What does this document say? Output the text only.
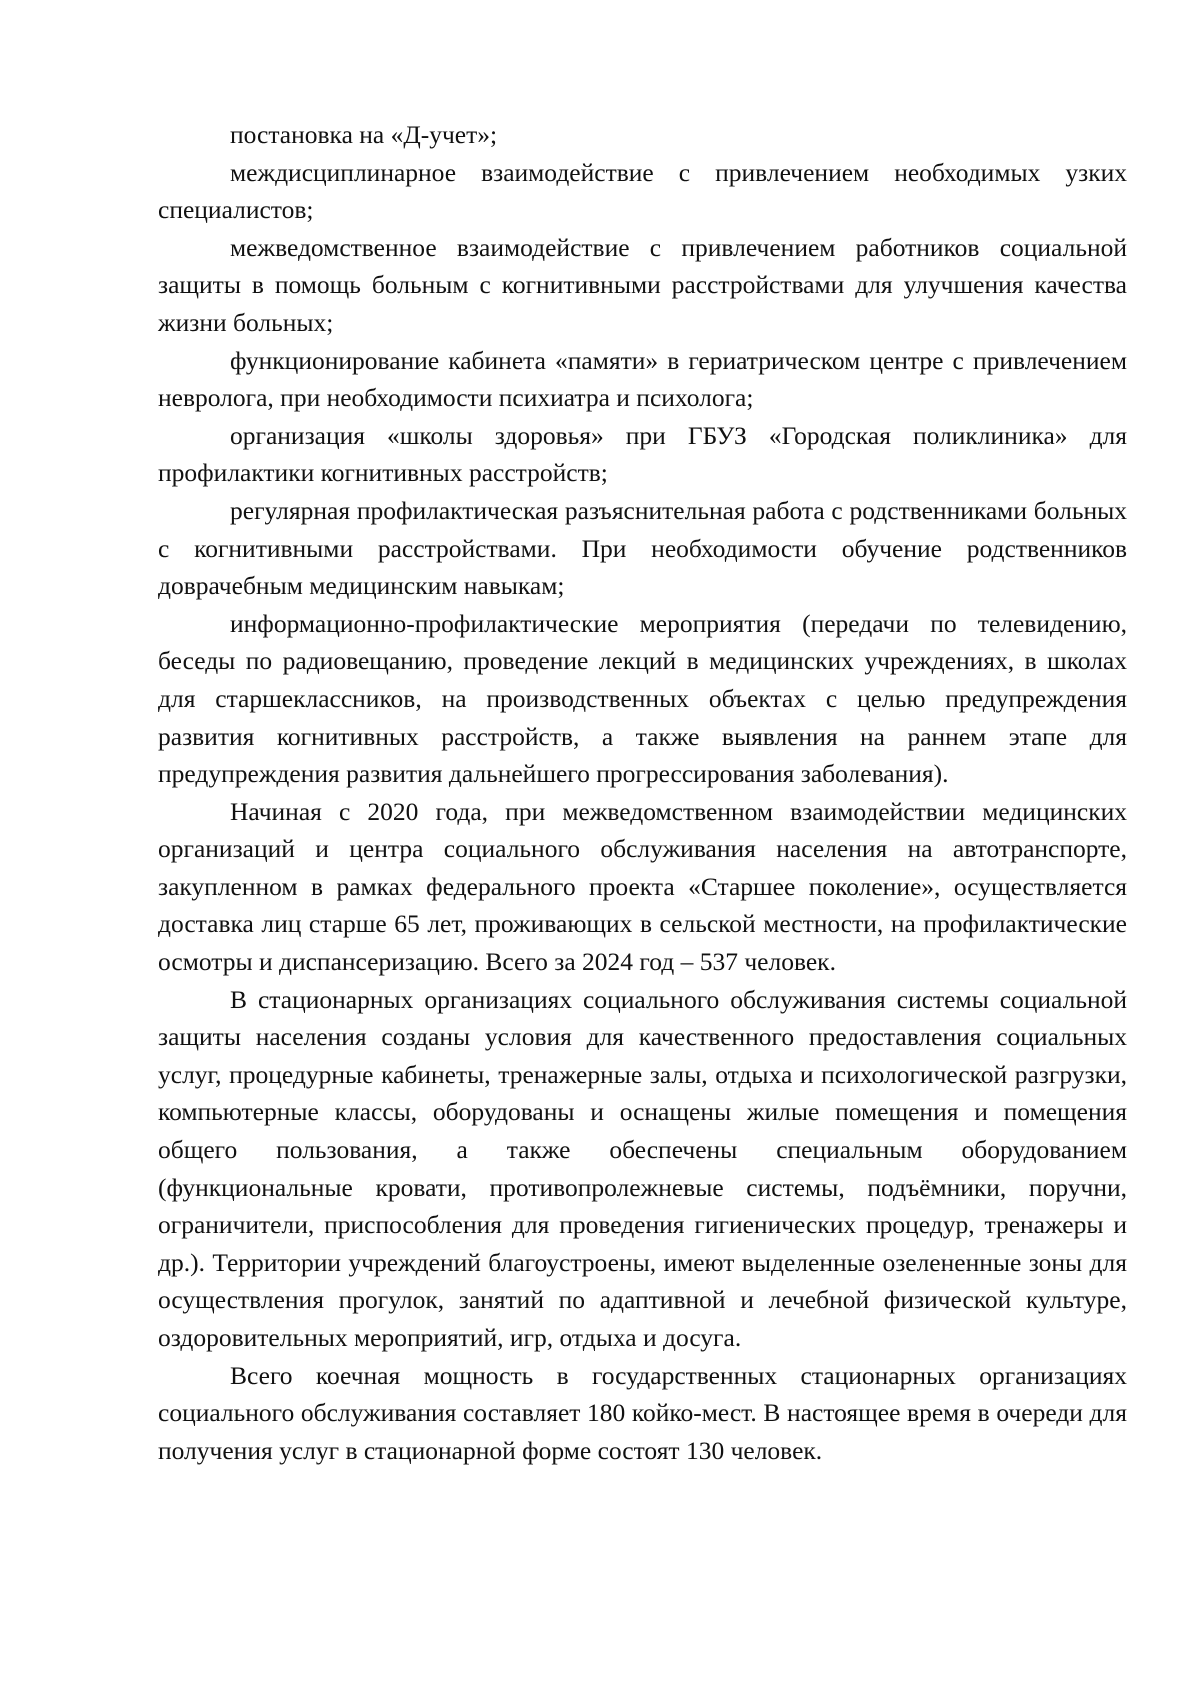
постановка на «Д-учет»;

междисциплинарное взаимодействие с привлечением необходимых узких специалистов;

межведомственное взаимодействие с привлечением работников социальной защиты в помощь больным с когнитивными расстройствами для улучшения качества жизни больных;

функционирование кабинета «памяти» в гериатрическом центре с привлечением невролога, при необходимости психиатра и психолога;

организация «школы здоровья» при ГБУЗ «Городская поликлиника» для профилактики когнитивных расстройств;

регулярная профилактическая разъяснительная работа с родственниками больных с когнитивными расстройствами. При необходимости обучение родственников доврачебным медицинским навыкам;

информационно-профилактические мероприятия (передачи по телевидению, беседы по радиовещанию, проведение лекций в медицинских учреждениях, в школах для старшеклассников, на производственных объектах с целью предупреждения развития когнитивных расстройств, а также выявления на раннем этапе для предупреждения развития дальнейшего прогрессирования заболевания).

Начиная с 2020 года, при межведомственном взаимодействии медицинских организаций и центра социального обслуживания населения на автотранспорте, закупленном в рамках федерального проекта «Старшее поколение», осуществляется доставка лиц старше 65 лет, проживающих в сельской местности, на профилактические осмотры и диспансеризацию. Всего за 2024 год – 537 человек.

В стационарных организациях социального обслуживания системы социальной защиты населения созданы условия для качественного предоставления социальных услуг, процедурные кабинеты, тренажерные залы, отдыха и психологической разгрузки, компьютерные классы, оборудованы и оснащены жилые помещения и помещения общего пользования, а также обеспечены специальным оборудованием (функциональные кровати, противопролежневые системы, подъёмники, поручни, ограничители, приспособления для проведения гигиенических процедур, тренажеры и др.). Территории учреждений благоустроены, имеют выделенные озелененные зоны для осуществления прогулок, занятий по адаптивной и лечебной физической культуре, оздоровительных мероприятий, игр, отдыха и досуга.

Всего коечная мощность в государственных стационарных организациях социального обслуживания составляет 180 койко-мест. В настоящее время в очереди для получения услуг в стационарной форме состоят 130 человек.
